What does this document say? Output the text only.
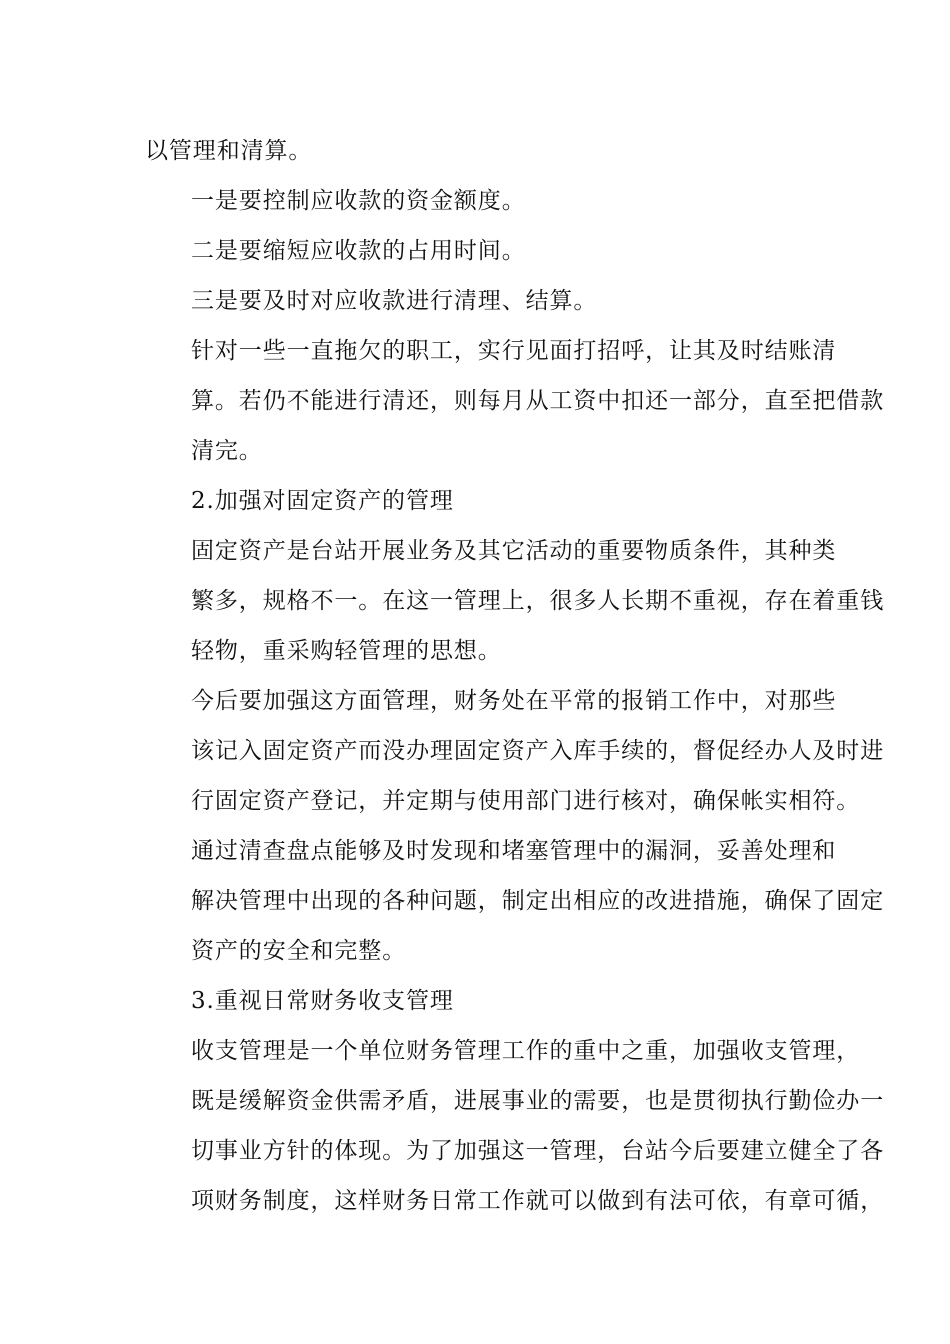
以管理和清算。

一是要控制应收款的资金额度。

二是要缩短应收款的占用时间。

三是要及时对应收款进行清理、结算。

针对一些一直拖欠的职工，实行见面打招呼，让其及时结账清
算。若仍不能进行清还，则每月从工资中扣还一部分，直至把借款
清完。

2.加强对固定资产的管理

固定资产是台站开展业务及其它活动的重要物质条件，其种类
繁多，规格不一。在这一管理上，很多人长期不重视，存在着重钱
轻物，重采购轻管理的思想。

今后要加强这方面管理，财务处在平常的报销工作中，对那些
该记入固定资产而没办理固定资产入库手续的，督促经办人及时进
行固定资产登记，并定期与使用部门进行核对，确保帐实相符。

通过清查盘点能够及时发现和堵塞管理中的漏洞，妥善处理和
解决管理中出现的各种问题，制定出相应的改进措施，确保了固定
资产的安全和完整。

3.重视日常财务收支管理

收支管理是一个单位财务管理工作的重中之重，加强收支管理，
既是缓解资金供需矛盾，进展事业的需要，也是贯彻执行勤俭办一
切事业方针的体现。为了加强这一管理，台站今后要建立健全了各
项财务制度，这样财务日常工作就可以做到有法可依，有章可循，
